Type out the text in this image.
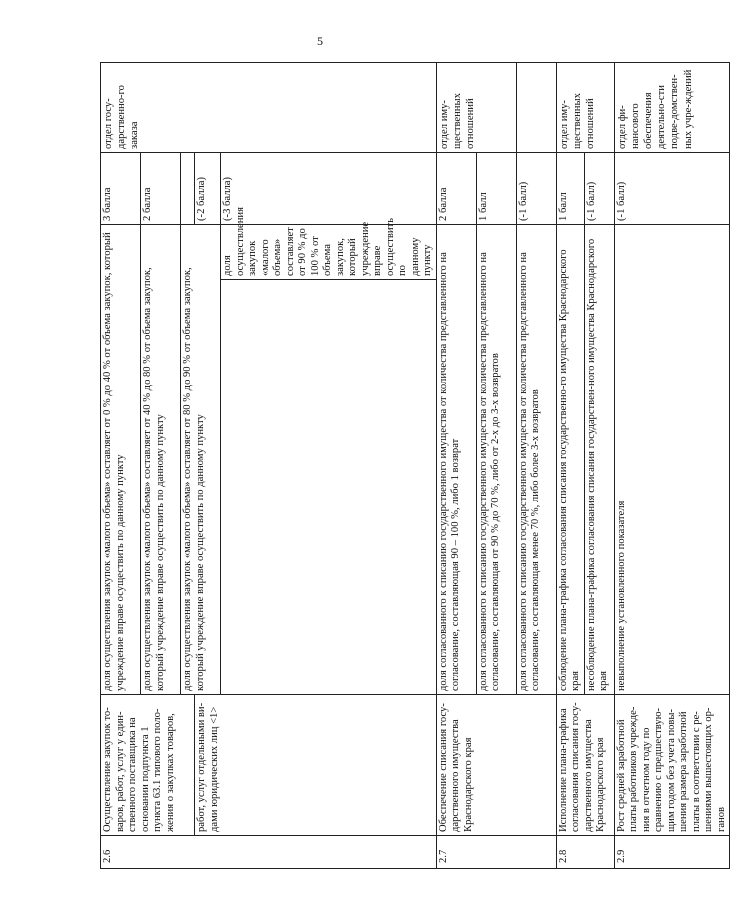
5
2.6	Осуществление закупок то-варов, работ, услуг у един-ственного поставщика на основании подпункта 1 пункта 63.1 типового поло-жения о закупках товаров,	доля осуществления закупок «малого объема» составляет от 0 % до 40 % от объема закупок, который учреждение вправе осуществить по данному пункту		3 балла	отдел госу-дарственно-го заказа
		доля осуществления закупок «малого объема» составляет от 40 % до 80 % от объема закупок, который учреждение вправе осуществить по данному пункту		2 балла	
		доля осуществления закупок «малого объема» составляет от 80 % до 90 % от объема закупок, который учреждение вправе осуществить по данному пункту			
	работ, услуг отдельными ви-дами юридических лиц <1>			(-2 балла)	
			доля осуществления закупок «малого объема» составляет от 90 % до 100 % от объема закупок, который учреждение вправе осуществить по данному пункту	(-3 балла)	
2.7	Обеспечение списания госу-дарственного имущества Краснодарского края	доля согласованного к списанию государственного имущества от количества представленного на согласование, составляющая 90 – 100 %, либо 1 возврат		2 балла	отдел иму-щественных отношений
		доля согласованного к списанию государственного имущества от количества представленного на согласование, составляющая от 90 % до 70 %, либо от 2-х до 3-х возвратов		1 балл	
		доля согласованного к списанию государственного имущества от количества представленного на согласование, составляющая менее 70 %, либо более 3-х возвратов		(-1 балл)	
2.8	Исполнение плана-графика согласования списания госу-дарственного имущества Краснодарского края	соблюдение плана-графика согласования списания государственно-го имущества Краснодарского края		1 балл	отдел иму-щественных отношений
		несоблюдение плана-графика согласования списания государствен-ного имущества Краснодарского края		(-1 балл)	
2.9	Рост средней заработной платы работников учрежде-ния в отчетном году по сравнению с предшествую-щим годом без учета повы-шения размера заработной платы в соответствии с ре-шениями вышестоящих ор-ганов	невыполнение установленного показателя		(-1 балл)	отдел фи-нансового обеспечения деятельно-сти подве-домствен-ных учре-ждений
